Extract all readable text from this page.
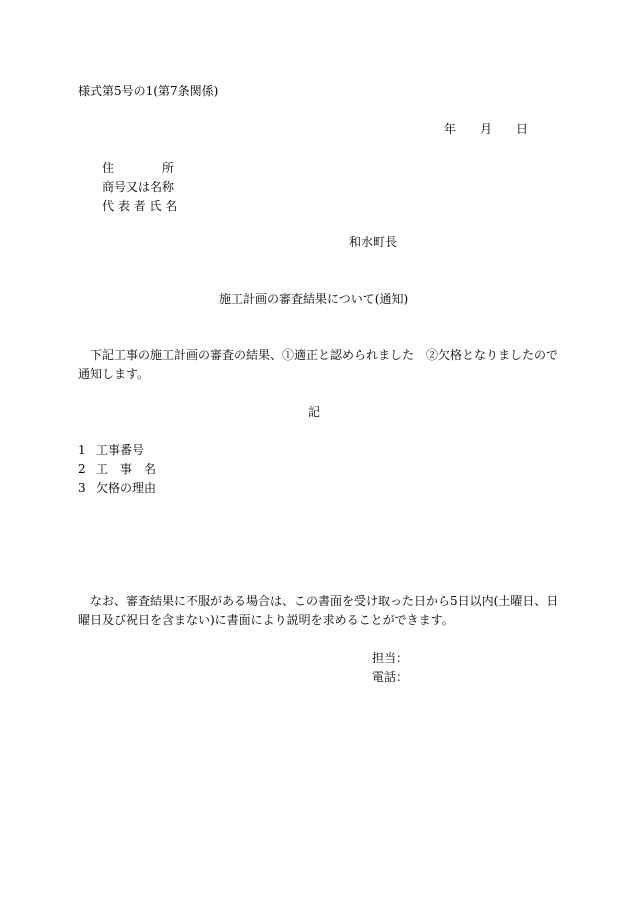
様式第5号の1(第7条関係)
年 月 日
住　　　　所
商号又は名称
代 表 者 氏 名
和水町長
施工計画の審査結果について(通知)
下記工事の施工計画の審査の結果、①適正と認められました　②欠格となりましたので
通知します。
記
1 工事番号
2 工　事　名
3 欠格の理由
なお、審査結果に不服がある場合は、この書面を受け取った日から5日以内(土曜日、日
曜日及び祝日を含まない)に書面により説明を求めることができます。
担当：
電話：
